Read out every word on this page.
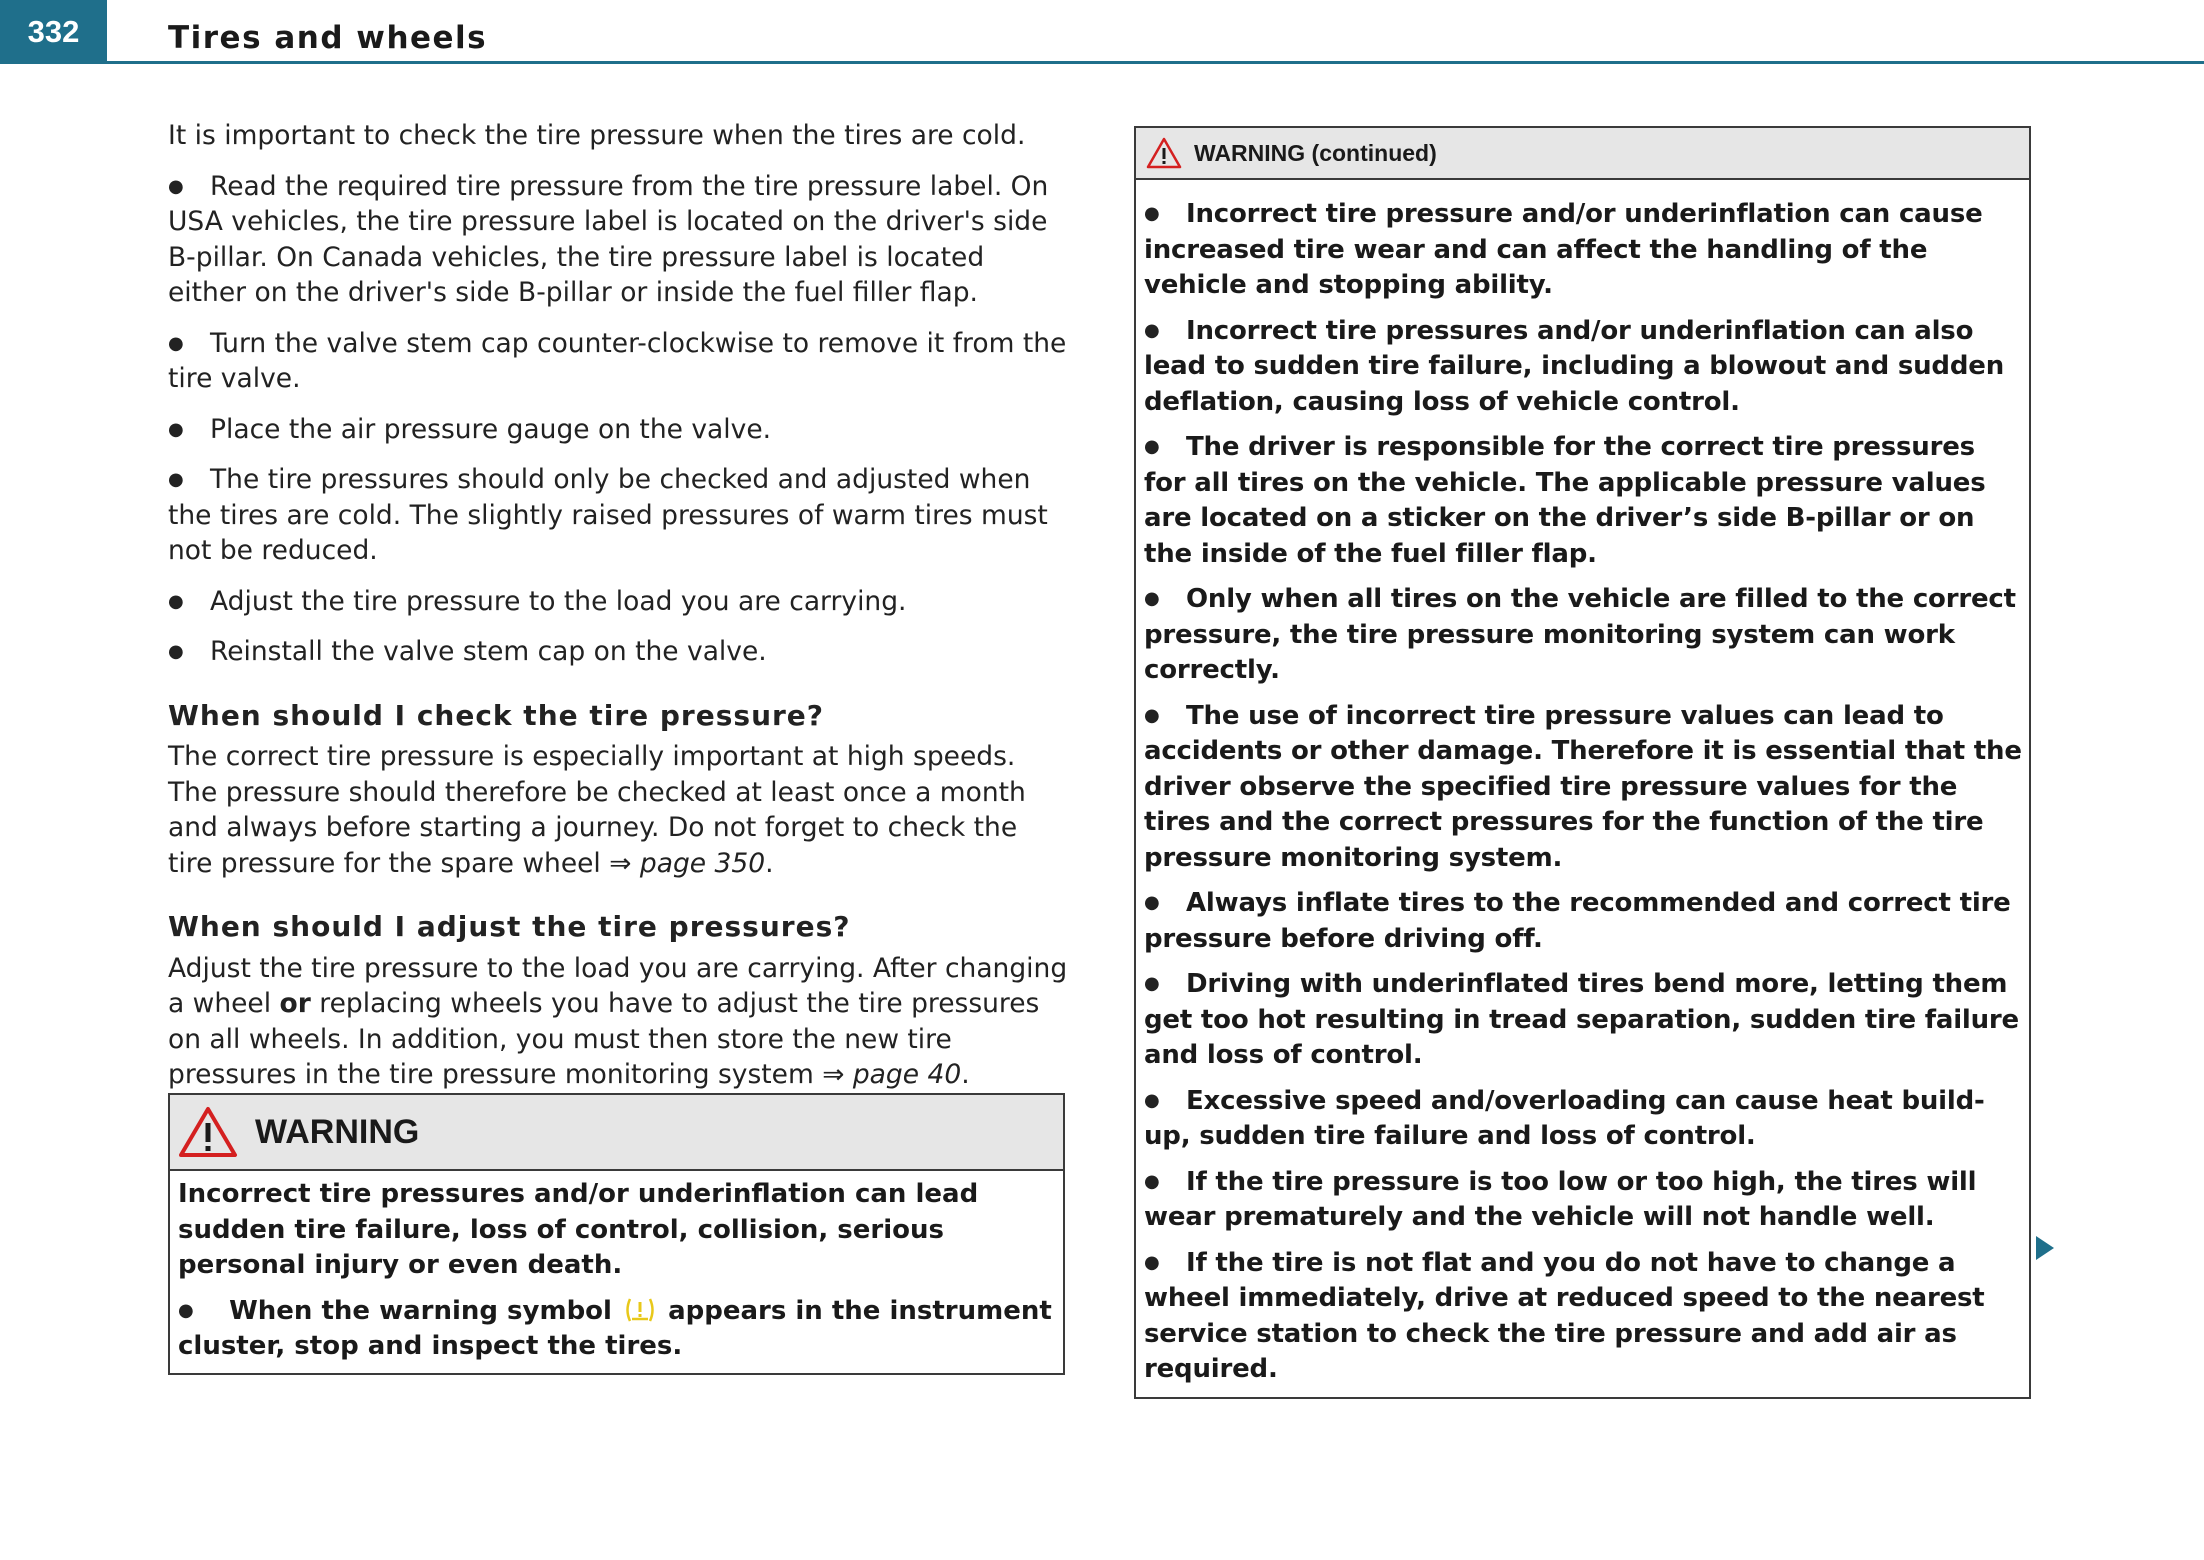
332	Tires and wheels

It is important to check the tire pressure when the tires are cold.

● Read the required tire pressure from the tire pressure label. On USA vehicles, the tire pressure label is located on the driver's side B-pillar. On Canada vehicles, the tire pressure label is located either on the driver's side B-pillar or inside the fuel filler flap.

● Turn the valve stem cap counter-clockwise to remove it from the tire valve.

● Place the air pressure gauge on the valve.

● The tire pressures should only be checked and adjusted when the tires are cold. The slightly raised pressures of warm tires must not be reduced.

● Adjust the tire pressure to the load you are carrying.

● Reinstall the valve stem cap on the valve.

When should I check the tire pressure?

The correct tire pressure is especially important at high speeds. The pressure should therefore be checked at least once a month and always before starting a journey. Do not forget to check the tire pressure for the spare wheel ⇒ page 350.

When should I adjust the tire pressures?

Adjust the tire pressure to the load you are carrying. After changing a wheel or replacing wheels you have to adjust the tire pressures on all wheels. In addition, you must then store the new tire pressures in the tire pressure monitoring system ⇒ page 40.

WARNING

Incorrect tire pressures and/or underinflation can lead sudden tire failure, loss of control, collision, serious personal injury or even death.

● When the warning symbol appears in the instrument cluster, stop and inspect the tires.

WARNING (continued)

● Incorrect tire pressure and/or underinflation can cause increased tire wear and can affect the handling of the vehicle and stopping ability.

● Incorrect tire pressures and/or underinflation can also lead to sudden tire failure, including a blowout and sudden deflation, causing loss of vehicle control.

● The driver is responsible for the correct tire pressures for all tires on the vehicle. The applicable pressure values are located on a sticker on the driver’s side B-pillar or on the inside of the fuel filler flap.

● Only when all tires on the vehicle are filled to the correct pressure, the tire pressure monitoring system can work correctly.

● The use of incorrect tire pressure values can lead to accidents or other damage. Therefore it is essential that the driver observe the specified tire pressure values for the tires and the correct pressures for the function of the tire pressure monitoring system.

● Always inflate tires to the recommended and correct tire pressure before driving off.

● Driving with underinflated tires bend more, letting them get too hot resulting in tread separation, sudden tire failure and loss of control.

● Excessive speed and/overloading can cause heat build-up, sudden tire failure and loss of control.

● If the tire pressure is too low or too high, the tires will wear prematurely and the vehicle will not handle well.

● If the tire is not flat and you do not have to change a wheel immediately, drive at reduced speed to the nearest service station to check the tire pressure and add air as required.
